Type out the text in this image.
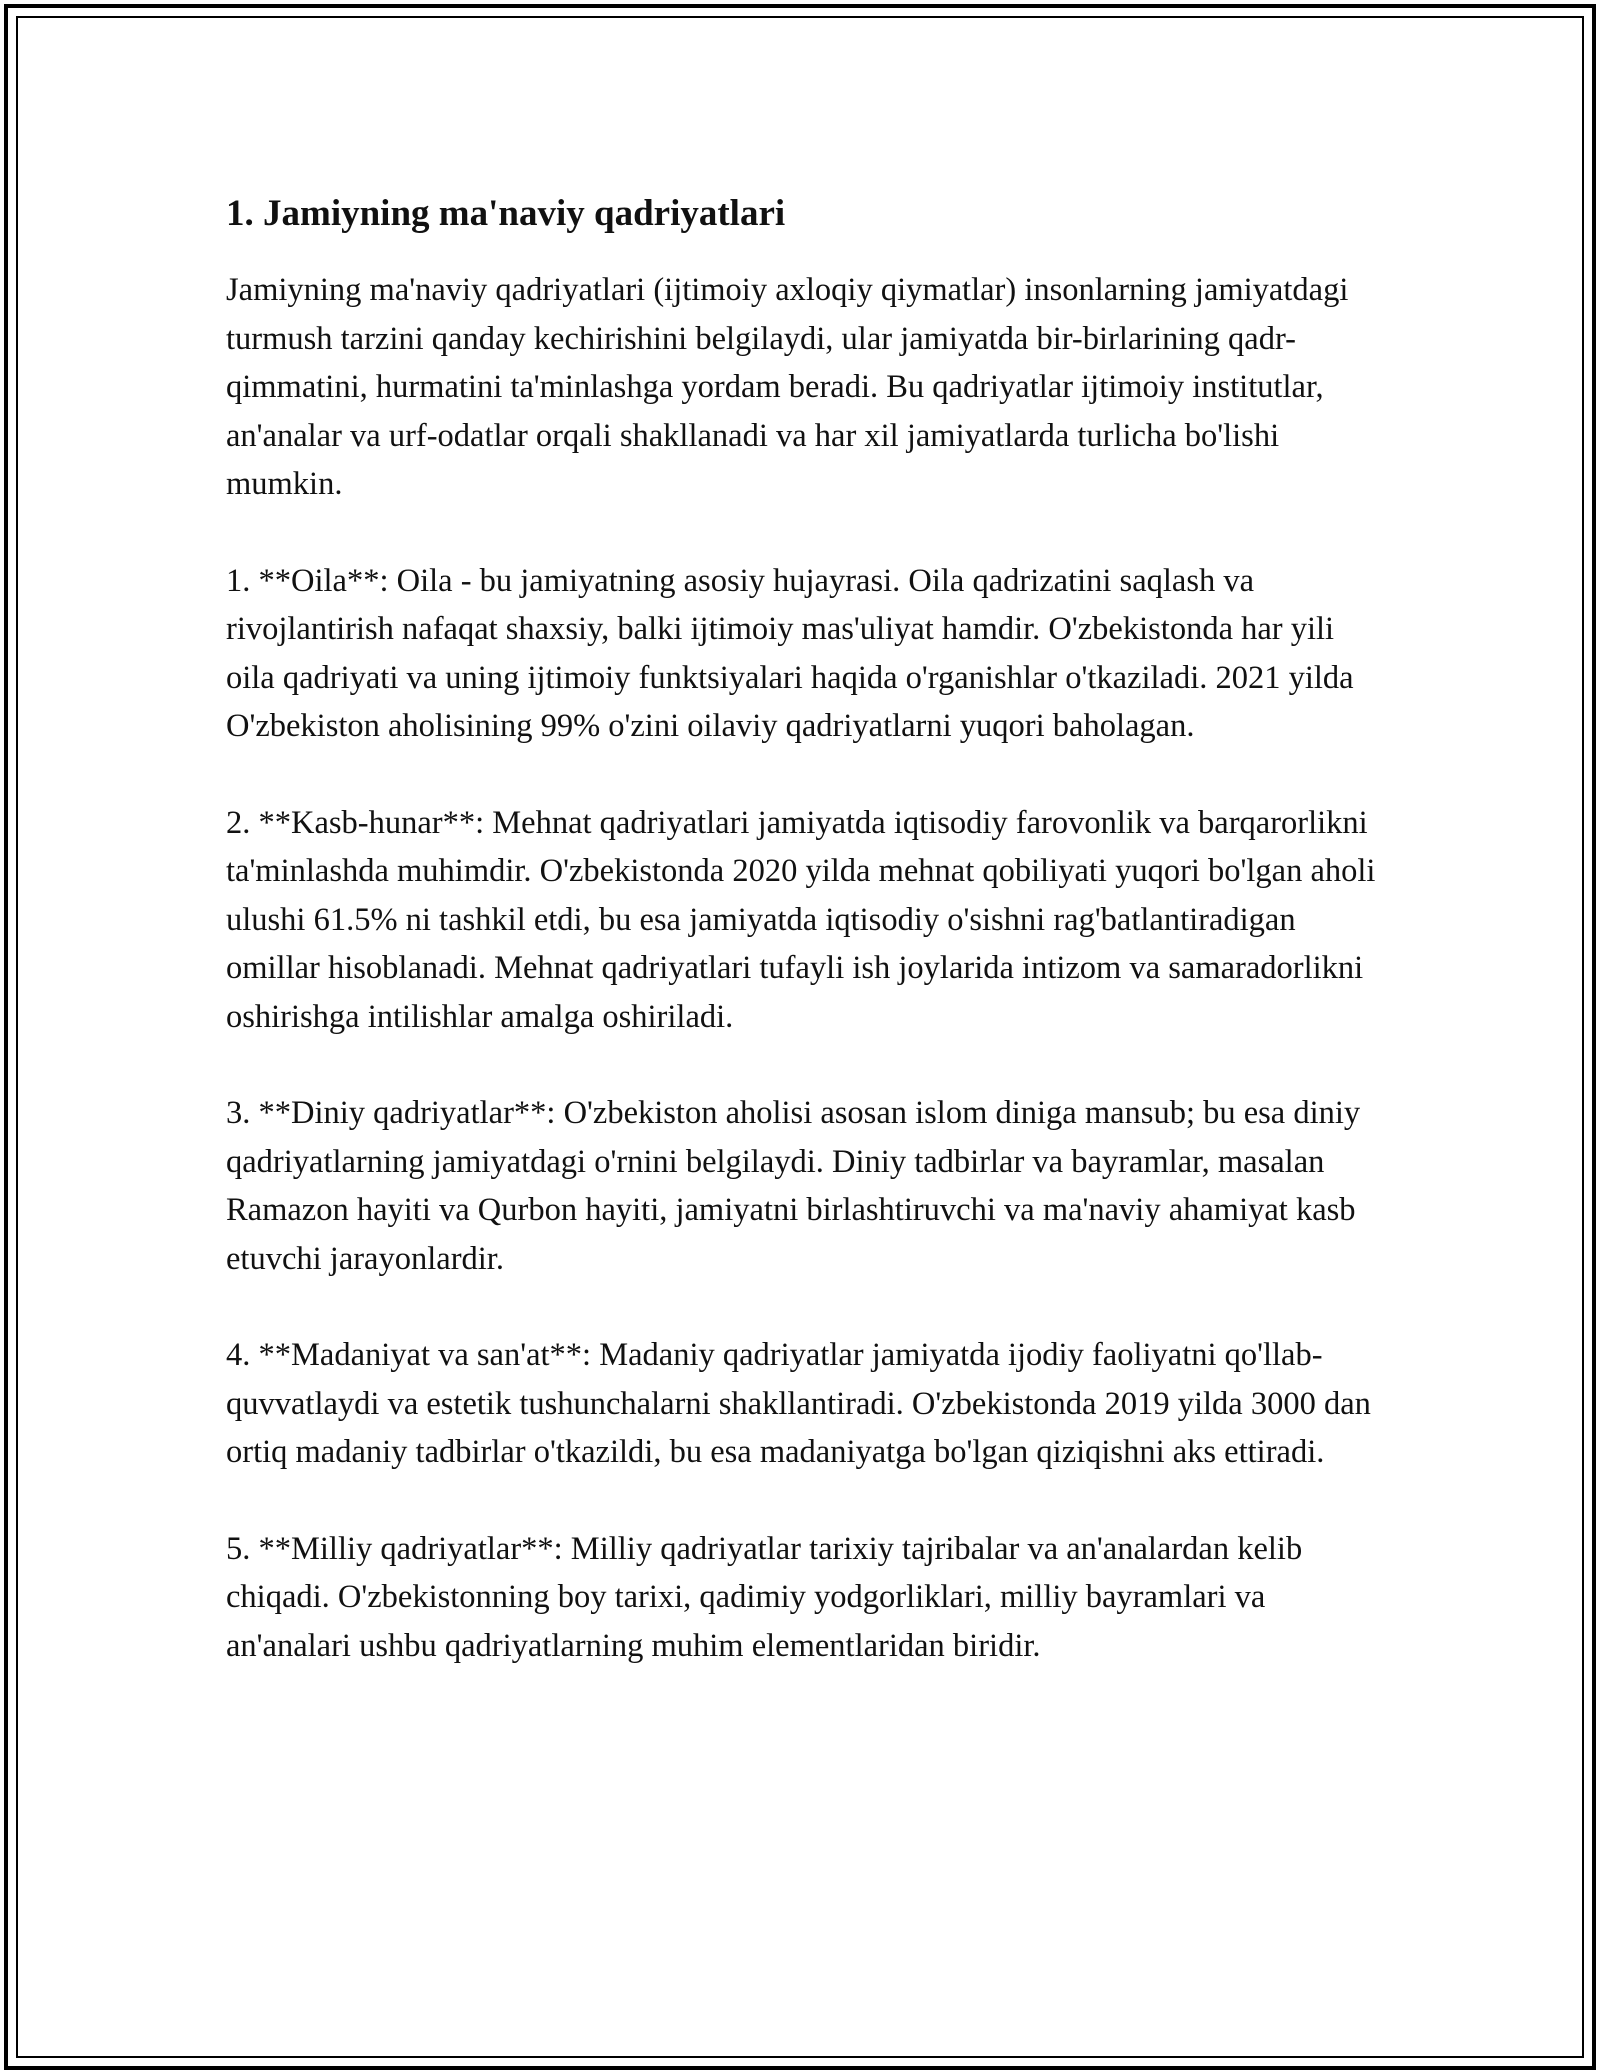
1. Jamiyning ma'naviy qadriyatlari

Jamiyning ma'naviy qadriyatlari (ijtimoiy axloqiy qiymatlar) insonlarning jamiyatdagi turmush tarzini qanday kechirishini belgilaydi, ular jamiyatda bir-birlarining qadr-qimmatini, hurmatini ta'minlashga yordam beradi. Bu qadriyatlar ijtimoiy institutlar, an'analar va urf-odatlar orqali shakllanadi va har xil jamiyatlarda turlicha bo'lishi mumkin.

1. **Oila**: Oila - bu jamiyatning asosiy hujayrasi. Oila qadrizatini saqlash va rivojlantirish nafaqat shaxsiy, balki ijtimoiy mas'uliyat hamdir. O'zbekistonda har yili oila qadriyati va uning ijtimoiy funktsiyalari haqida o'rganishlar o'tkaziladi. 2021 yilda O'zbekiston aholisining 99% o'zini oilaviy qadriyatlarni yuqori baholagan.

2. **Kasb-hunar**: Mehnat qadriyatlari jamiyatda iqtisodiy farovonlik va barqarorlikni ta'minlashda muhimdir. O'zbekistonda 2020 yilda mehnat qobiliyati yuqori bo'lgan aholi ulushi 61.5% ni tashkil etdi, bu esa jamiyatda iqtisodiy o'sishni rag'batlantiradigan omillar hisoblanadi. Mehnat qadriyatlari tufayli ish joylarida intizom va samaradorlikni oshirishga intilishlar amalga oshiriladi.

3. **Diniy qadriyatlar**: O'zbekiston aholisi asosan islom diniga mansub; bu esa diniy qadriyatlarning jamiyatdagi o'rnini belgilaydi. Diniy tadbirlar va bayramlar, masalan Ramazon hayiti va Qurbon hayiti, jamiyatni birlashtiruvchi va ma'naviy ahamiyat kasb etuvchi jarayonlardir.

4. **Madaniyat va san'at**: Madaniy qadriyatlar jamiyatda ijodiy faoliyatni qo'llab-quvvatlaydi va estetik tushunchalarni shakllantiradi. O'zbekistonda 2019 yilda 3000 dan ortiq madaniy tadbirlar o'tkazildi, bu esa madaniyatga bo'lgan qiziqishni aks ettiradi.

5. **Milliy qadriyatlar**: Milliy qadriyatlar tarixiy tajribalar va an'analardan kelib chiqadi. O'zbekistonning boy tarixi, qadimiy yodgorliklari, milliy bayramlari va an'analari ushbu qadriyatlarning muhim elementlaridan biridir.
